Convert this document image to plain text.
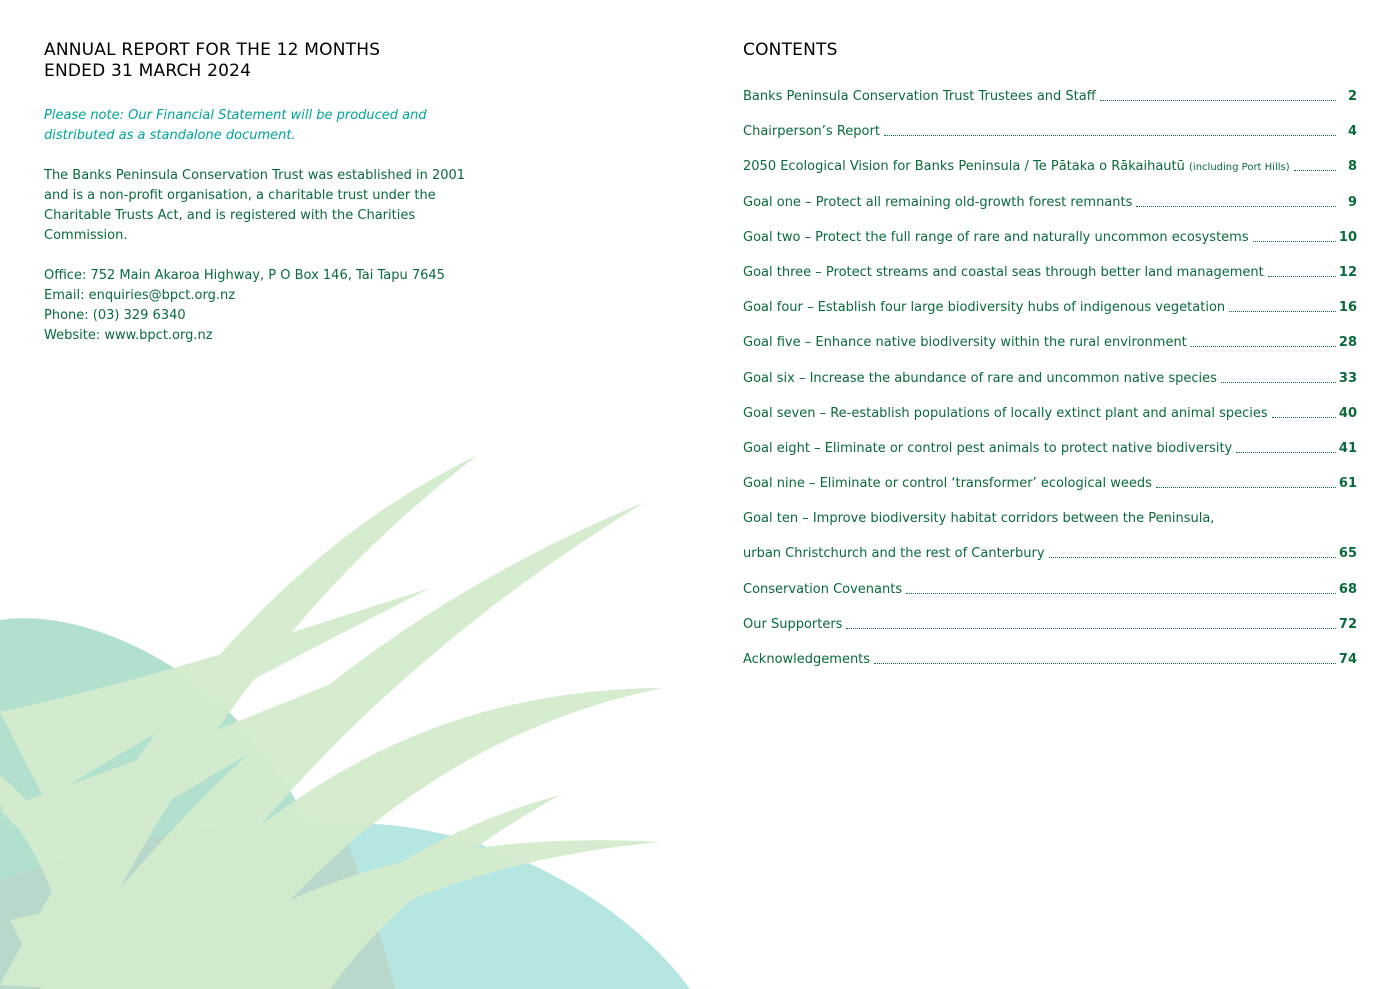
ANNUAL REPORT FOR THE 12 MONTHS
ENDED 31 MARCH 2024

Please note: Our Financial Statement will be produced and distributed as a standalone document.

The Banks Peninsula Conservation Trust was established in 2001 and is a non-profit organisation, a charitable trust under the Charitable Trusts Act, and is registered with the Charities Commission.

Office: 752 Main Akaroa Highway, P O Box 146, Tai Tapu 7645
Email: enquiries@bpct.org.nz
Phone: (03) 329 6340
Website: www.bpct.org.nz
CONTENTS
Banks Peninsula Conservation Trust Trustees and Staff	2
Chairperson’s Report	4
2050 Ecological Vision for Banks Peninsula / Te Pātaka o Rākaihautū (including Port Hills)	8
Goal one – Protect all remaining old-growth forest remnants	9
Goal two – Protect the full range of rare and naturally uncommon ecosystems	10
Goal three – Protect streams and coastal seas through better land management	12
Goal four – Establish four large biodiversity hubs of indigenous vegetation	16
Goal five – Enhance native biodiversity within the rural environment	28
Goal six – Increase the abundance of rare and uncommon native species	33
Goal seven – Re-establish populations of locally extinct plant and animal species	40
Goal eight – Eliminate or control pest animals to protect native biodiversity	41
Goal nine – Eliminate or control ‘transformer’ ecological weeds	61
Goal ten – Improve biodiversity habitat corridors between the Peninsula,
urban Christchurch and the rest of Canterbury	65
Conservation Covenants	68
Our Supporters	72
Acknowledgements	74
